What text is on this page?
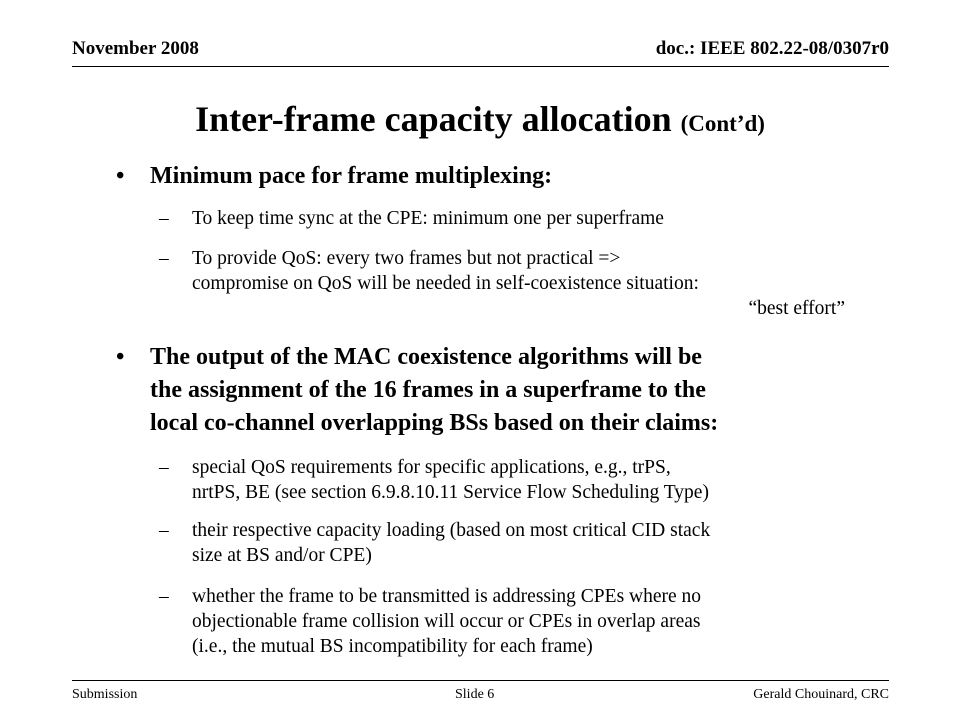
November 2008	doc.: IEEE 802.22-08/0307r0
Inter-frame capacity allocation (Cont’d)
• Minimum pace for frame multiplexing:
– To keep time sync at the CPE: minimum one per superframe
– To provide QoS: every two frames but not practical =>
compromise on QoS will be needed in self-coexistence situation:
“best effort”
• The output of the MAC coexistence algorithms will be
the assignment of the 16 frames in a superframe to the
local co-channel overlapping BSs based on their claims:
– special QoS requirements for specific applications, e.g., trPS,
nrtPS, BE (see section 6.9.8.10.11 Service Flow Scheduling Type)
– their respective capacity loading (based on most critical CID stack
size at BS and/or CPE)
– whether the frame to be transmitted is addressing CPEs where no
objectionable frame collision will occur or CPEs in overlap areas
(i.e., the mutual BS incompatibility for each frame)
Submission	Slide 6	Gerald Chouinard, CRC
